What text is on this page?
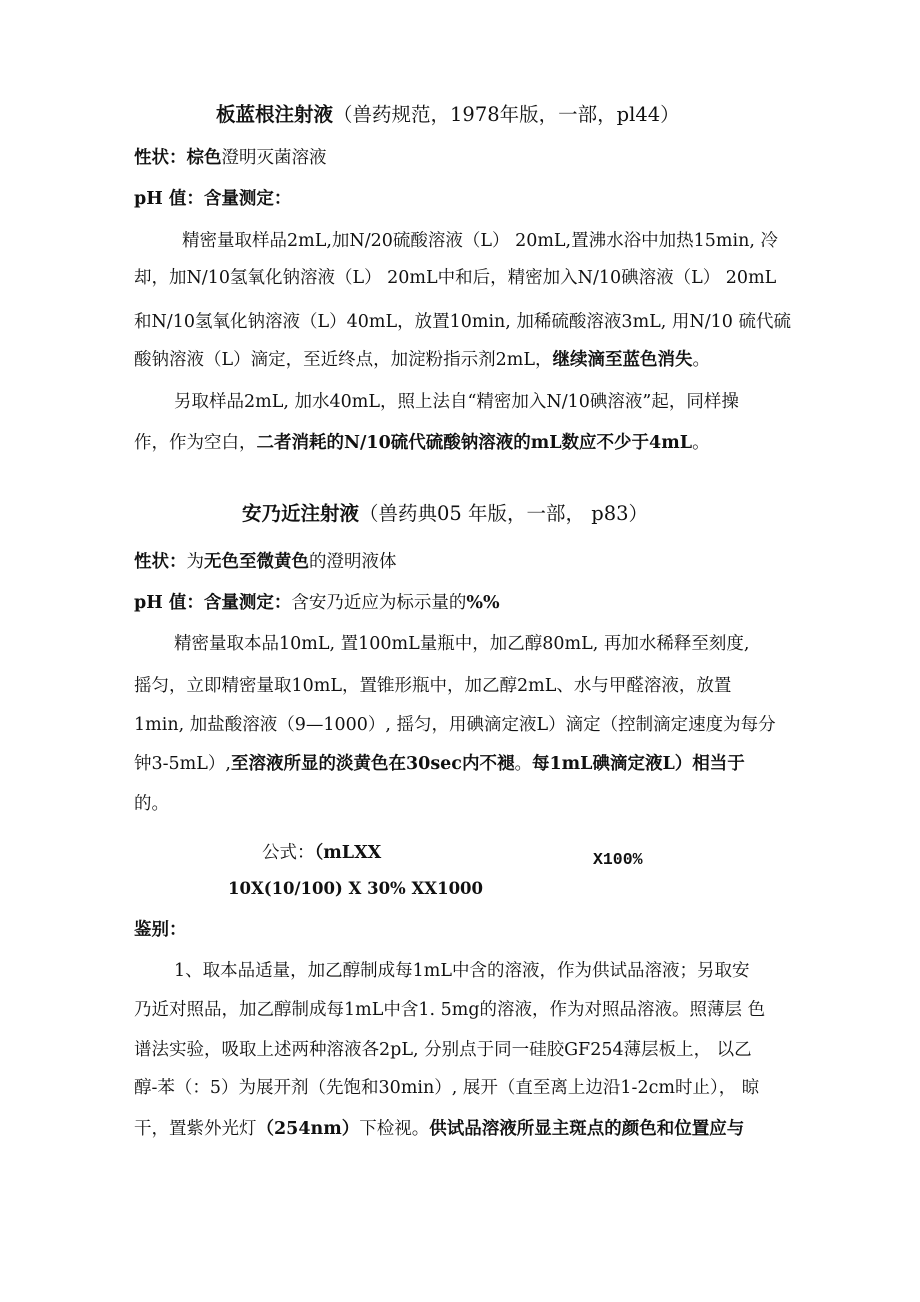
板蓝根注射液（兽药规范，1978年版，一部，pl44）
性状：棕色澄明灭菌溶液
pH 值：含量测定：
精密量取样品2mL,加N/20硫酸溶液（L） 20mL,置沸水浴中加热15min, 冷
却，加N/10氢氧化钠溶液（L） 20mL中和后，精密加入N/10碘溶液（L） 20mL
和N/10氢氧化钠溶液（L）40mL，放置10min, 加稀硫酸溶液3mL, 用N/10 硫代硫
酸钠溶液（L）滴定，至近终点，加淀粉指示剂2mL，继续滴至蓝色消失。
另取样品2mL, 加水40mL，照上法自“精密加入N/10碘溶液”起，同样操
作，作为空白，二者消耗的N/10硫代硫酸钠溶液的mL数应不少于4mL。
安乃近注射液（兽药典05 年版，一部， p83）
性状：为无色至微黄色的澄明液体
pH 值：含量测定：含安乃近应为标示量的%%
精密量取本品10mL, 置100mL量瓶中，加乙醇80mL, 再加水稀释至刻度,
摇匀，立即精密量取10mL，置锥形瓶中，加乙醇2mL、水与甲醛溶液，放置
1min, 加盐酸溶液（9—1000）, 摇匀，用碘滴定液L）滴定（控制滴定速度为每分
钟3-5mL）,至溶液所显的淡黄色在30sec内不褪。每1mL碘滴定液L）相当于
的。
公式：（mLXX	X100%
10X(10/100) X 30% XX1000
鉴别：
1、取本品适量，加乙醇制成每1mL中含的溶液，作为供试品溶液；另取安
乃近对照品，加乙醇制成每1mL中含1. 5mg的溶液，作为对照品溶液。照薄层 色
谱法实验，吸取上述两种溶液各2pL, 分别点于同一硅胶GF254薄层板上， 以乙
醇-苯（：5）为展开剂（先饱和30min）, 展开（直至离上边沿1-2cm时止）， 晾
干，置紫外光灯（254nm）下检视。供试品溶液所显主斑点的颜色和位置应与
